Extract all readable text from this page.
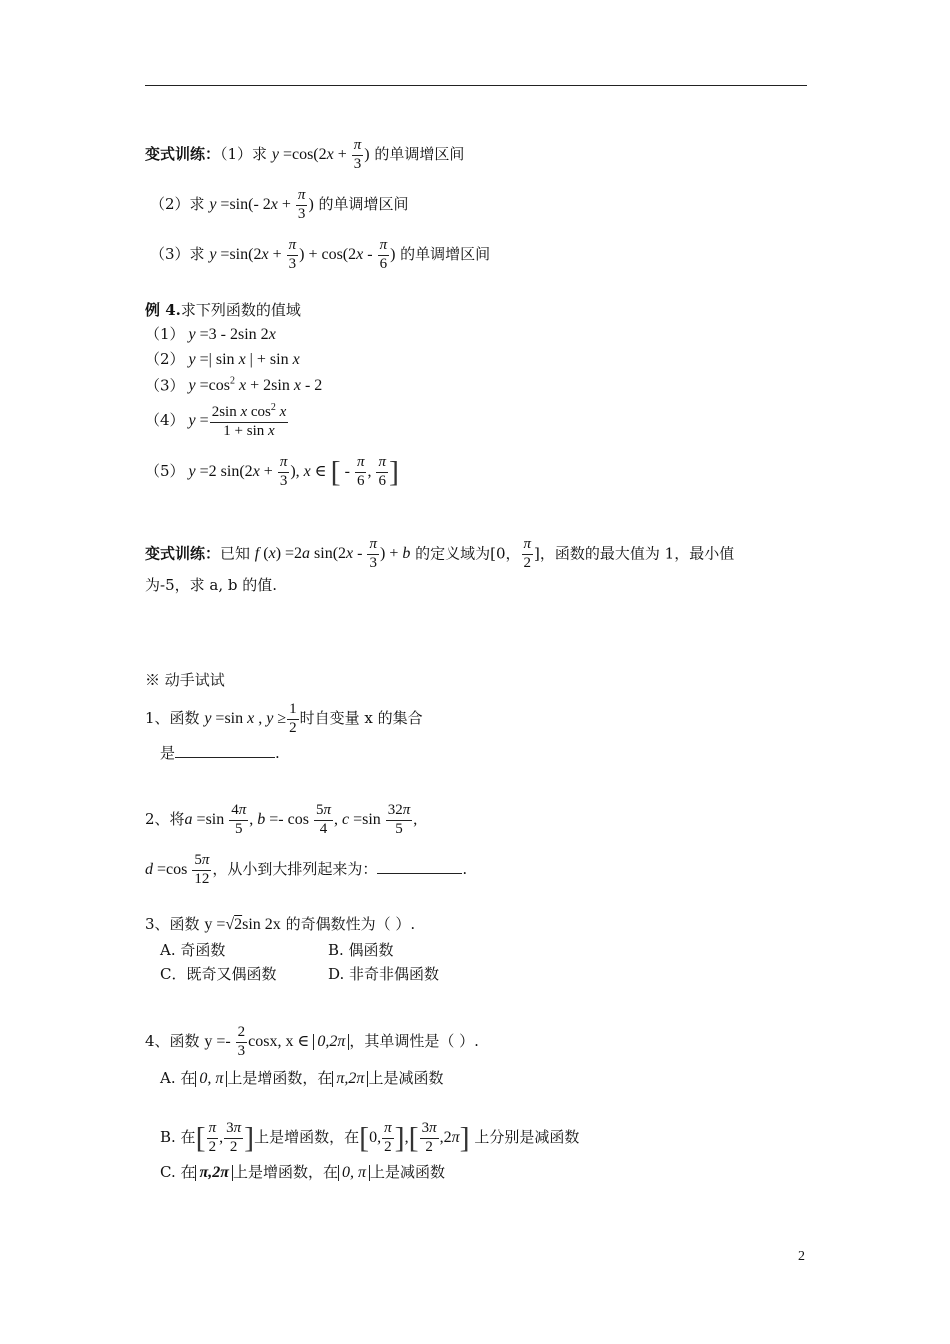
变式训练：（1）求 $y =\cos(2x + \frac{\pi}{3}$ ) 的单调增区间
（2）求 y =sin(- $2x + \frac{\pi}{3}$ ) 的单调增区间
（3）求 $y =\sin(2x + \frac{\pi}{3}$ ) + $\cos(2x - \frac{\pi}{6}$ ) 的单调增区间
例 4.求下列函数的值域
（1） y =3 - 2sin 2x
（2） y =| sin x | + sin x
（3） $y =\cos^2$ x + 2sin x - 2
（4） $y = \frac{2\sin x \cos^2 x}{\text{1 + sin x}}$
（5） y =2 $\sin(2x + \frac{\pi}{3}$ ), x ∈ [ - $\frac{\pi}{6}$ , $\frac{\pi}{6}$ ]
变式训练：已知 f (x) =2a $\sin(2x - \frac{\pi}{3}$ ) + b 的定义域为[0， $\frac{\pi}{2}$ ]，函数的最大值为 1，最小值
为-5，求 a, b 的值.
※ 动手试试
1、函数 y =sin x , $y \ge \frac{1}{2}$ 时自变量 x 的集合
是	.
2、将$a =\sin \frac{4\pi}{5}$ , $b =- \cos \frac{5\pi}{4}$ , $c =\sin \frac{32\pi}{5}$ ,
$d =\cos \frac{5\pi}{12}$ ，从小到大排列起来为：	.
3、函数 y =√2sin 2x 的奇偶数性为（ ）.
A. 奇函数	B. 偶函数
C．既奇又偶函数	D. 非奇非偶函数
4、函数 $y =- \frac{2}{3} \cos x$, x ∈ 0,2π ，其单调性是（ ）.
A. 在 0, π 上是增函数，在 π,2π 上是减函数
B. 在[ $\frac{\pi}{2}$ , $\frac{3\pi}{2}$ ]上是增函数，在[0, $\frac{\pi}{2}$ ],[ $\frac{3\pi}{2} ,2\pi$] 上分别是减函数
C. 在 π,2π 上是增函数，在 0, π 上是减函数
2
